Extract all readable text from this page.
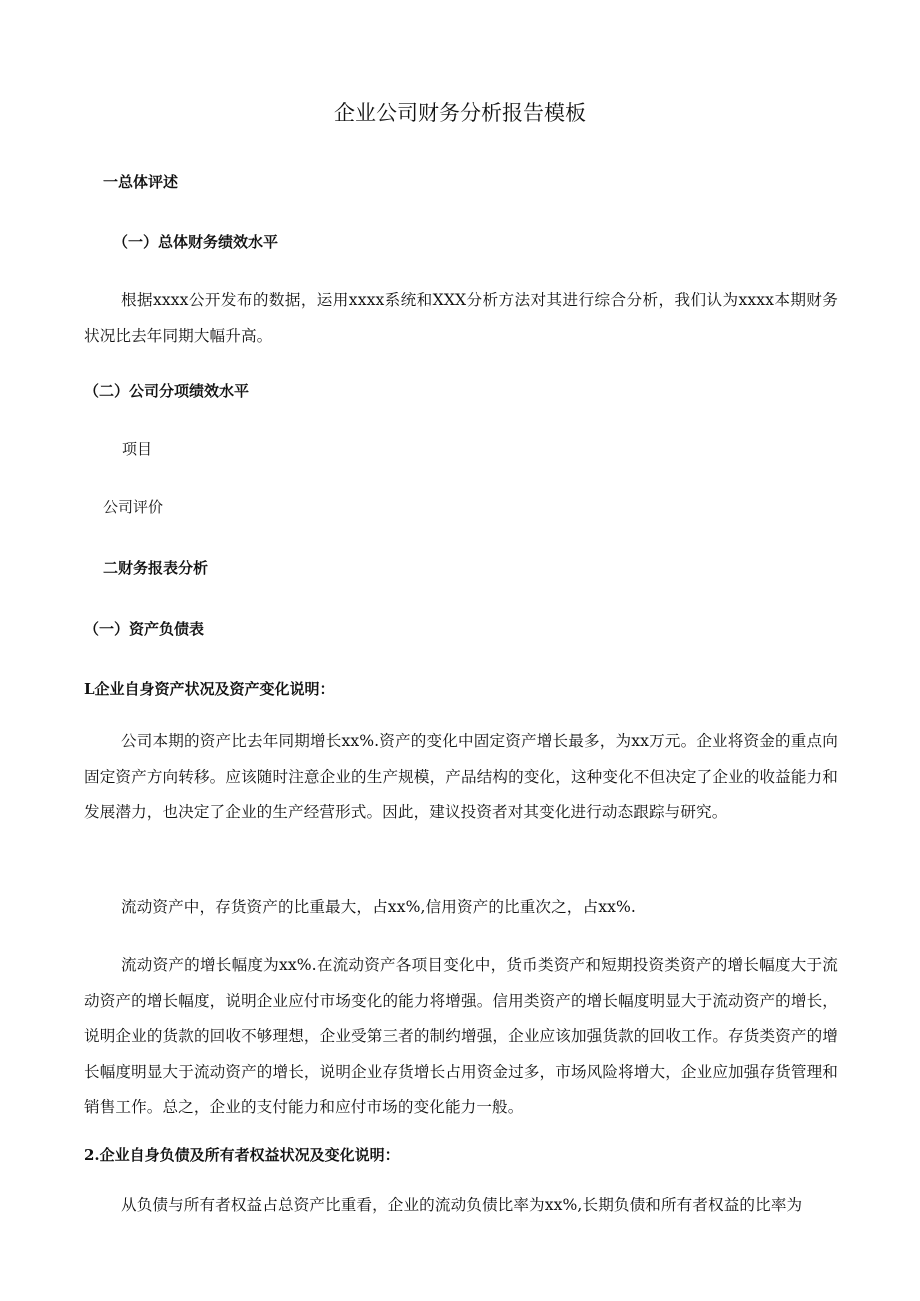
企业公司财务分析报告模板
一总体评述
（一）总体财务绩效水平

根据xxxx公开发布的数据，运用xxxx系统和XXX分析方法对其进行综合分析，我们认为xxxx本期财务状况比去年同期大幅升高。

（二）公司分项绩效水平
项目
公司评价
二财务报表分析
（一）资产负债表
L企业自身资产状况及资产变化说明：

公司本期的资产比去年同期增长xx%.资产的变化中固定资产增长最多，为xx万元。企业将资金的重点向固定资产方向转移。应该随时注意企业的生产规模，产品结构的变化，这种变化不但决定了企业的收益能力和发展潜力，也决定了企业的生产经营形式。因此，建议投资者对其变化进行动态跟踪与研究。

流动资产中，存货资产的比重最大，占xx%,信用资产的比重次之，占xx%.

流动资产的增长幅度为xx%.在流动资产各项目变化中，货币类资产和短期投资类资产的增长幅度大于流动资产的增长幅度，说明企业应付市场变化的能力将增强。信用类资产的增长幅度明显大于流动资产的增长，说明企业的货款的回收不够理想，企业受第三者的制约增强，企业应该加强货款的回收工作。存货类资产的增长幅度明显大于流动资产的增长，说明企业存货增长占用资金过多，市场风险将增大，企业应加强存货管理和销售工作。总之，企业的支付能力和应付市场的变化能力一般。

2.企业自身负债及所有者权益状况及变化说明：

从负债与所有者权益占总资产比重看，企业的流动负债比率为xx%,长期负债和所有者权益的比率为
